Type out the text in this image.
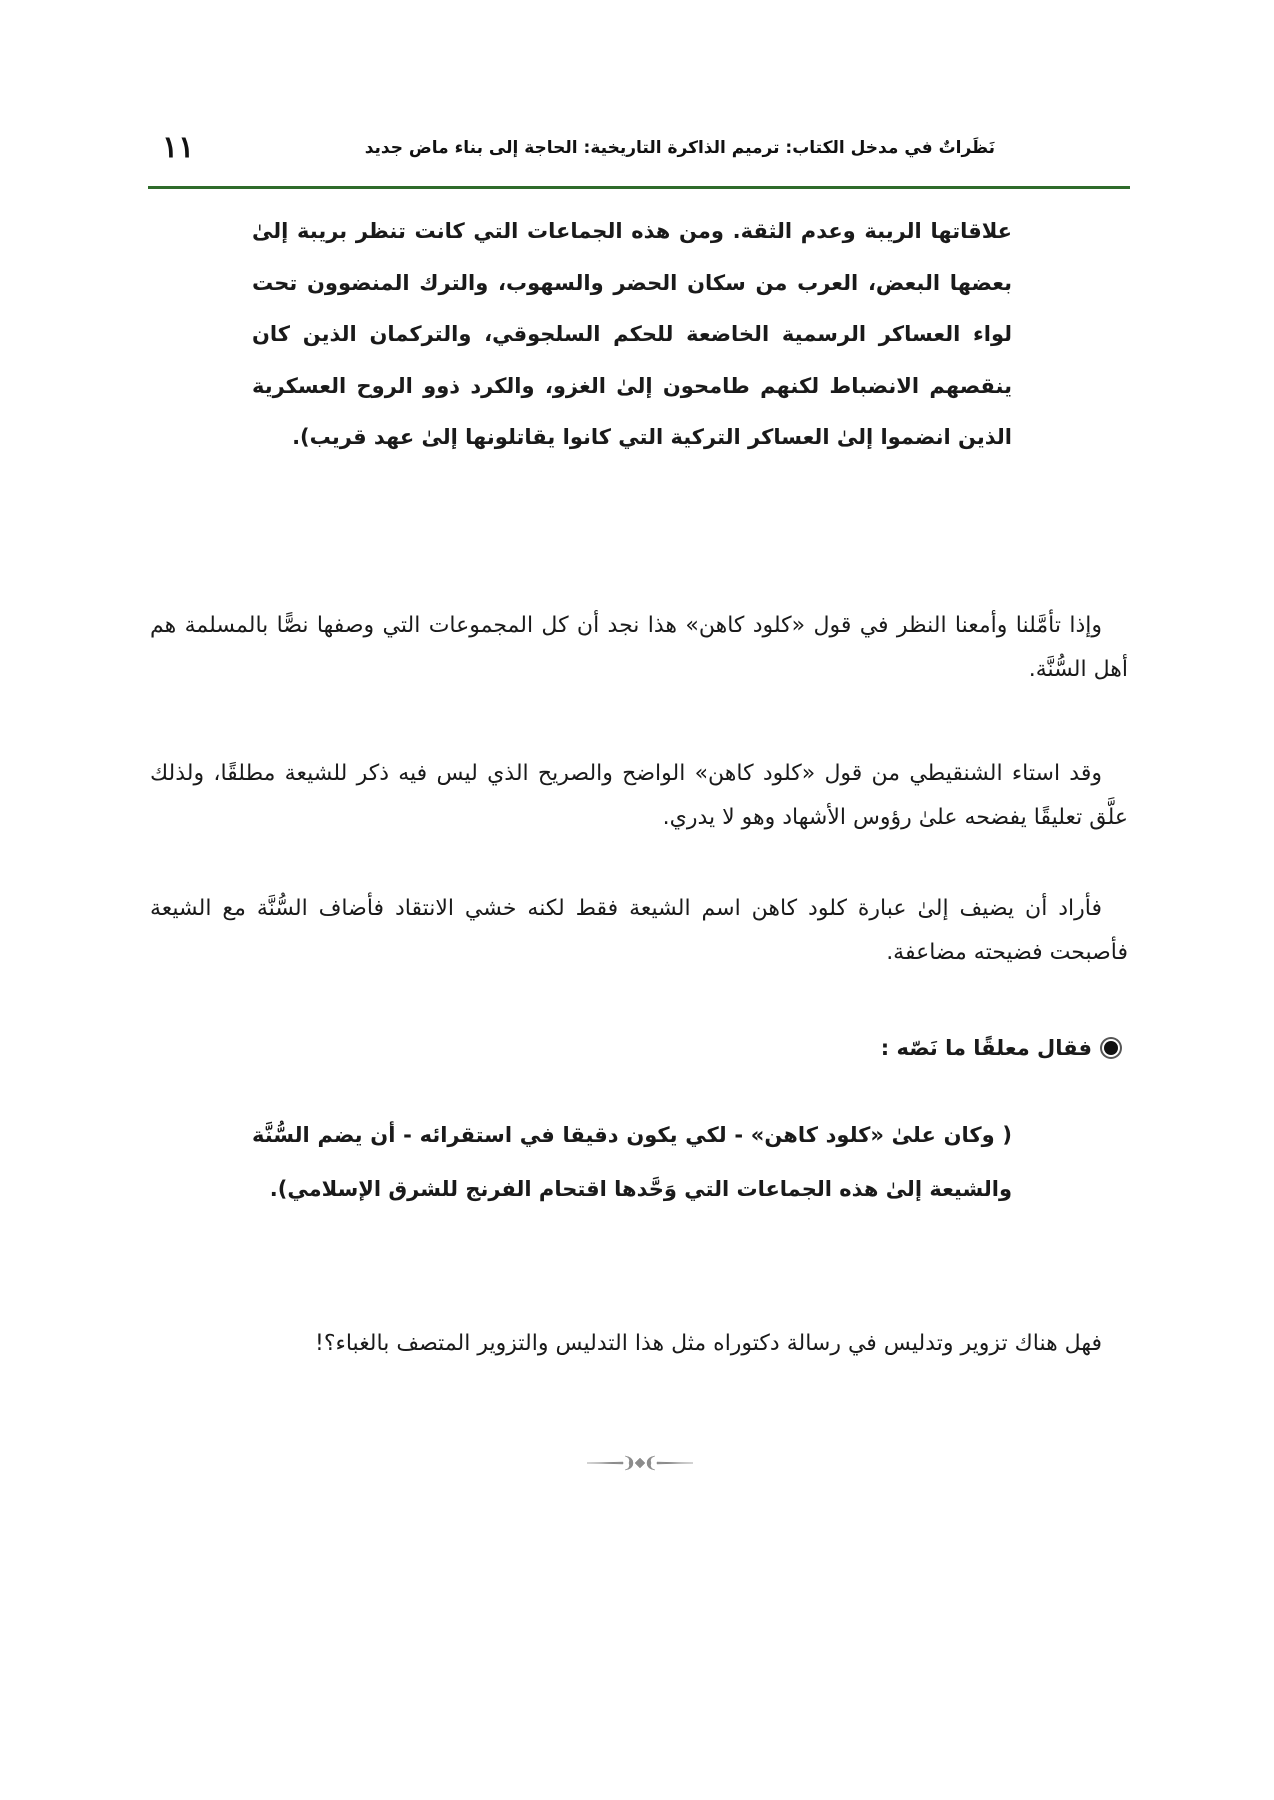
١١	نَظَراتٌ في مدخل الكتاب: ترميم الذاكرة التاريخية: الحاجة إلى بناء ماض جديد
علاقاتها الريبة وعدم الثقة. ومن هذه الجماعات التي كانت تنظر بريبة إلىٰ بعضها البعض، العرب من سكان الحضر والسهوب، والترك المنضوون تحت لواء العساكر الرسمية الخاضعة للحكم السلجوقي، والتركمان الذين كان ينقصهم الانضباط لكنهم طامحون إلىٰ الغزو، والكرد ذوو الروح العسكرية الذين انضموا إلىٰ العساكر التركية التي كانوا يقاتلونها إلىٰ عهد قريب).
وإذا تأمَّلنا وأمعنا النظر في قول «كلود كاهن» هذا نجد أن كل المجموعات التي وصفها نصًّا بالمسلمة هم أهل السُّنَّة.
وقد استاء الشنقيطي من قول «كلود كاهن» الواضح والصريح الذي ليس فيه ذكر للشيعة مطلقًا، ولذلك علَّق تعليقًا يفضحه علىٰ رؤوس الأشهاد وهو لا يدري.
فأراد أن يضيف إلىٰ عبارة كلود كاهن اسم الشيعة فقط لكنه خشي الانتقاد فأضاف السُّنَّة مع الشيعة فأصبحت فضيحته مضاعفة.
فقال معلقًا ما نَصّه :
( وكان علىٰ «كلود كاهن» - لكي يكون دقيقا في استقرائه - أن يضم السُّنَّة والشيعة إلىٰ هذه الجماعات التي وَحَّدها اقتحام الفرنج للشرق الإسلامي).
فهل هناك تزوير وتدليس في رسالة دكتوراه مثل هذا التدليس والتزوير المتصف بالغباء؟!
